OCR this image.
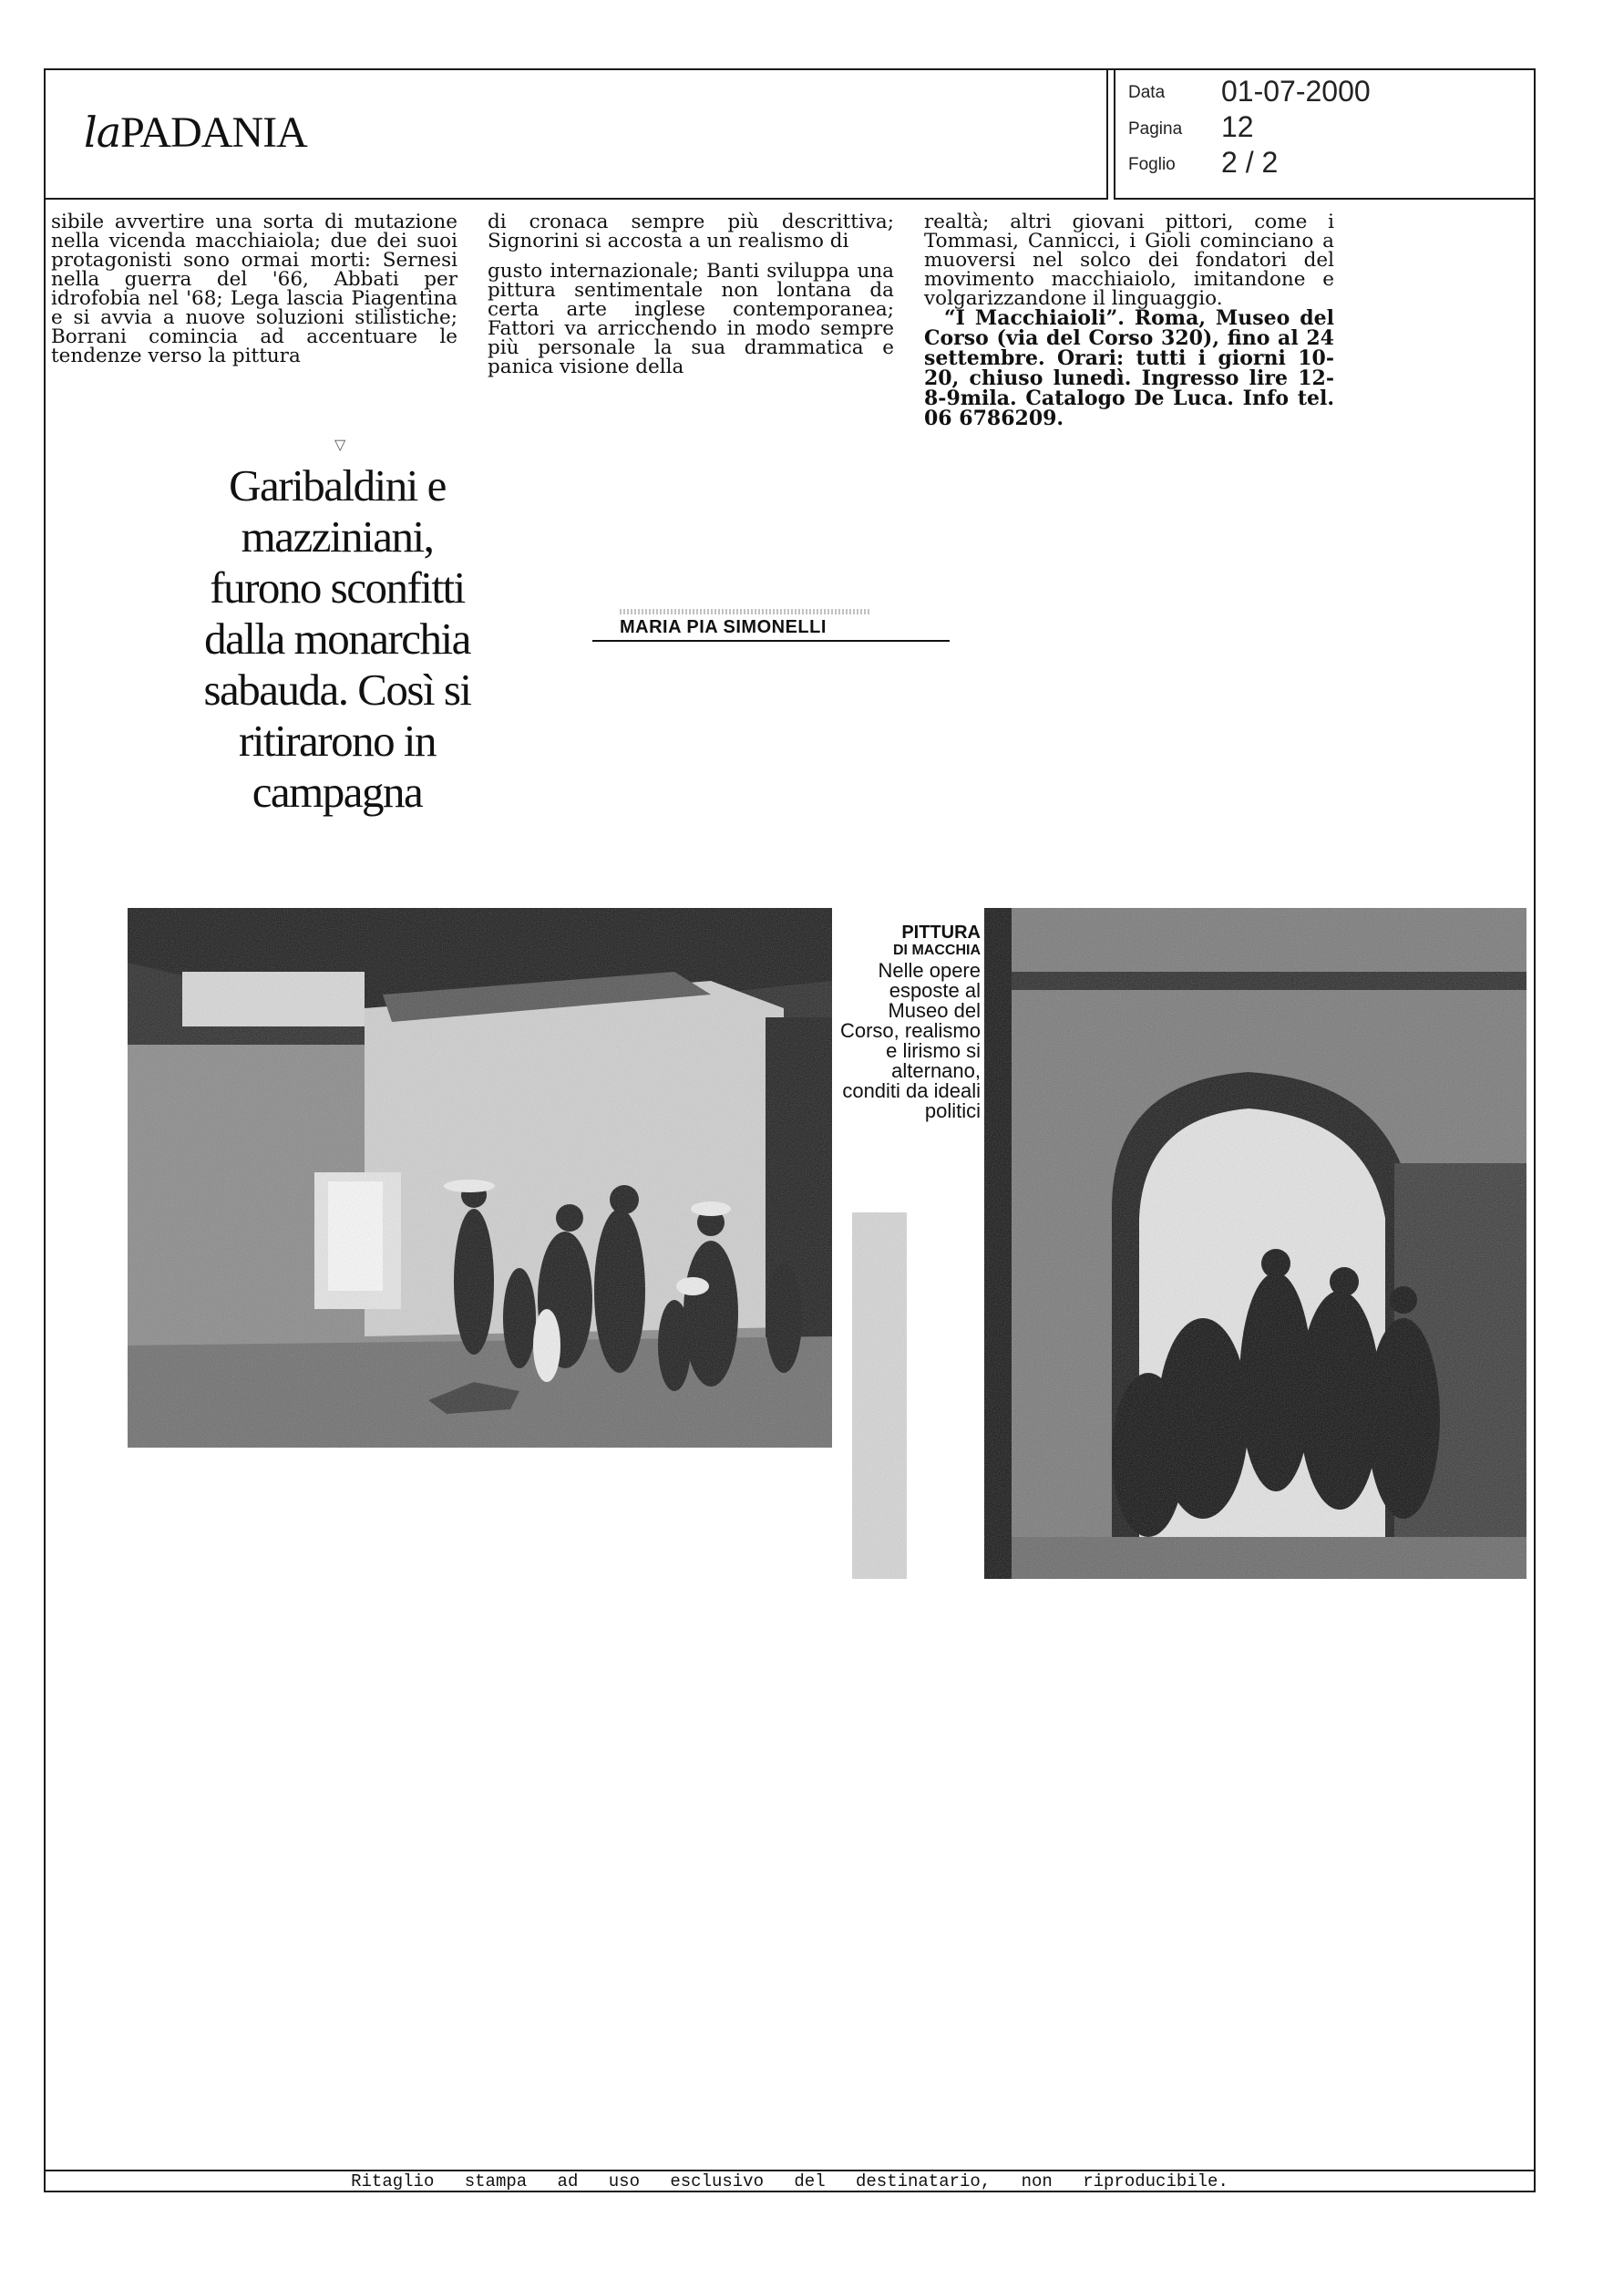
laPADANIA
Data 01-07-2000
Pagina 12
Foglio 2 / 2

sibile avvertire una sorta di mutazione nella vicenda macchiaiola; due dei suoi protagonisti sono ormai morti: Sernesi nella guerra del '66, Abbati per idrofobia nel '68; Lega lascia Piagentina e si avvia a nuove soluzioni stilistiche; Borrani comincia ad accentuare le tendenze verso la pittura

di cronaca sempre più descrittiva; Signorini si accosta a un realismo di

gusto internazionale; Banti sviluppa una pittura sentimentale non lontana da certa arte inglese contemporanea; Fattori va arricchendo in modo sempre più personale la sua drammatica e panica visione della

realtà; altri giovani pittori, come i Tommasi, Cannicci, i Gioli cominciano a muoversi nel solco dei fondatori del movimento macchiaiolo, imitandone e volgarizzandone il linguaggio.

“I Macchiaioli”. Roma, Museo del Corso (via del Corso 320), fino al 24 settembre. Orari: tutti i giorni 10-20, chiuso lunedì. Ingresso lire 12-8-9mila. Catalogo De Luca. Info tel. 06 6786209.

▽
Garibaldini e mazziniani, furono sconfitti dalla monarchia sabauda. Così si ritirarono in campagna
MARIA PIA SIMONELLI
PITTURA
DI MACCHIA
Nelle opere esposte al Museo del Corso, realismo e lirismo si alternano, conditi da ideali politici
Ritaglio stampa ad uso esclusivo del destinatario, non riproducibile.
